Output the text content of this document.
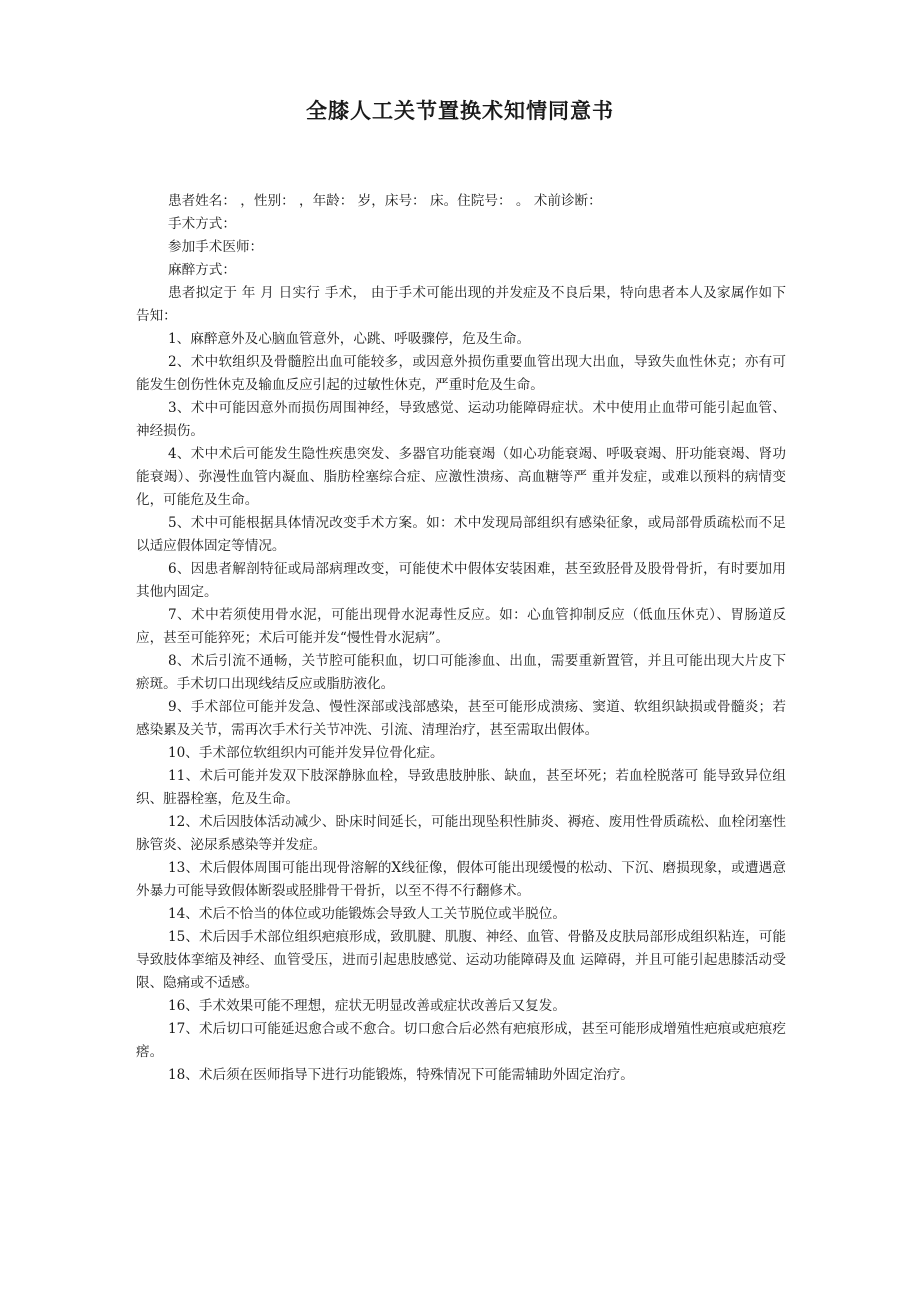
全膝人工关节置换术知情同意书

患者姓名： ，性别： ，年龄： 岁，床号： 床。住院号： 。 术前诊断：

手术方式：

参加手术医师：

麻醉方式：

患者拟定于 年 月 日实行 手术， 由于手术可能出现的并发症及不良后果，特向患者本人及家属作如下告知：

1、麻醉意外及心脑血管意外，心跳、呼吸骤停，危及生命。

2、术中软组织及骨髓腔出血可能较多，或因意外损伤重要血管出现大出血，导致失血性休克；亦有可能发生创伤性休克及输血反应引起的过敏性休克，严重时危及生命。

3、术中可能因意外而损伤周围神经，导致感觉、运动功能障碍症状。术中使用止血带可能引起血管、神经损伤。

4、术中术后可能发生隐性疾患突发、多器官功能衰竭（如心功能衰竭、呼吸衰竭、肝功能衰竭、肾功能衰竭）、弥漫性血管内凝血、脂肪栓塞综合症、应激性溃疡、高血糖等严 重并发症，或难以预料的病情变化，可能危及生命。

5、术中可能根据具体情况改变手术方案。如：术中发现局部组织有感染征象，或局部骨质疏松而不足以适应假体固定等情况。

6、因患者解剖特征或局部病理改变，可能使术中假体安装困难，甚至致胫骨及股骨骨折，有时要加用其他内固定。

7、术中若须使用骨水泥，可能出现骨水泥毒性反应。如：心血管抑制反应（低血压休克）、胃肠道反应，甚至可能猝死；术后可能并发“慢性骨水泥病”。

8、术后引流不通畅，关节腔可能积血，切口可能渗血、出血，需要重新置管，并且可能出现大片皮下瘀斑。手术切口出现线结反应或脂肪液化。

9、手术部位可能并发急、慢性深部或浅部感染，甚至可能形成溃疡、窦道、软组织缺损或骨髓炎；若感染累及关节，需再次手术行关节冲洗、引流、清理治疗，甚至需取出假体。

10、手术部位软组织内可能并发异位骨化症。

11、术后可能并发双下肢深静脉血栓，导致患肢肿胀、缺血，甚至坏死；若血栓脱落可 能导致异位组织、脏器栓塞，危及生命。

12、术后因肢体活动减少、卧床时间延长，可能出现坠积性肺炎、褥疮、废用性骨质疏松、血栓闭塞性脉管炎、泌尿系感染等并发症。

13、术后假体周围可能出现骨溶解的X线征像，假体可能出现缓慢的松动、下沉、磨损现象，或遭遇意外暴力可能导致假体断裂或胫腓骨干骨折，以至不得不行翻修术。

14、术后不恰当的体位或功能锻炼会导致人工关节脱位或半脱位。

15、术后因手术部位组织疤痕形成，致肌腱、肌腹、神经、血管、骨骼及皮肤局部形成组织粘连，可能导致肢体挛缩及神经、血管受压，进而引起患肢感觉、运动功能障碍及血 运障碍，并且可能引起患膝活动受限、隐痛或不适感。

16、手术效果可能不理想，症状无明显改善或症状改善后又复发。

17、术后切口可能延迟愈合或不愈合。切口愈合后必然有疤痕形成，甚至可能形成增殖性疤痕或疤痕疙瘩。

18、术后须在医师指导下进行功能锻炼，特殊情况下可能需辅助外固定治疗。
